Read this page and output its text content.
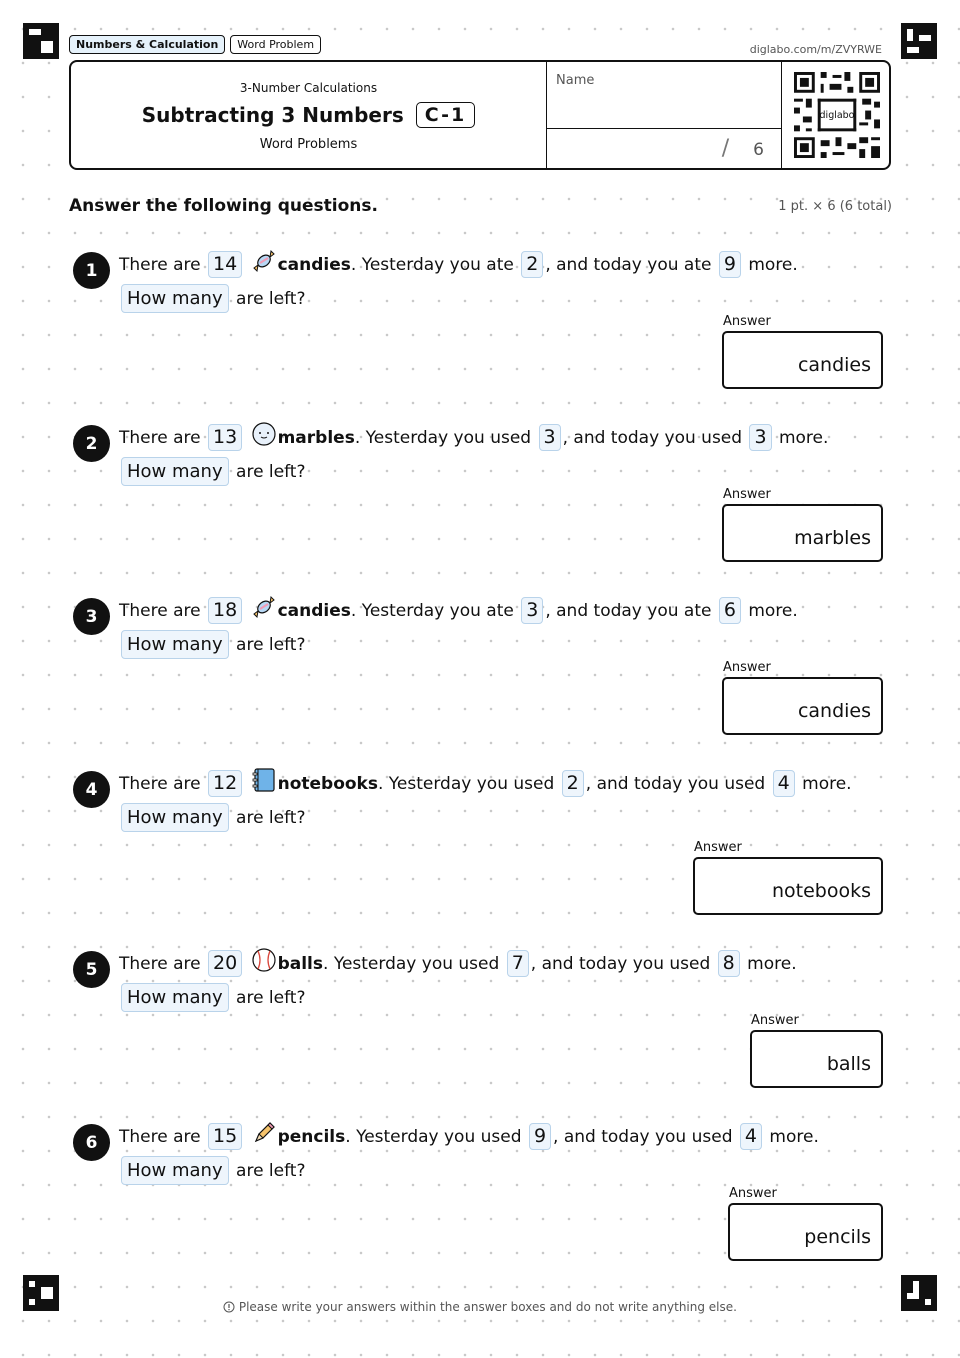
Numbers & Calculation	Word Problem	diglabo.com/m/ZVYRWE
3-Number Calculations
Subtracting 3 Numbers	C-1
Word Problems
Name
/ 6
diglabo
Answer the following questions.	1 pt. × 6 (6 total)
1	There are 14 candies. Yesterday you ate 2 , and today you ate 9 more. How many are left?
Answer
candies
2	There are 13 marbles. Yesterday you used 3 , and today you used 3 more. How many are left?
Answer
marbles
3	There are 18 candies. Yesterday you ate 3 , and today you ate 6 more. How many are left?
Answer
candies
4	There are 12 notebooks. Yesterday you used 2 , and today you used 4 more. How many are left?
Answer
notebooks
5	There are 20 balls. Yesterday you used 7 , and today you used 8 more. How many are left?
Answer
balls
6	There are 15 pencils. Yesterday you used 9 , and today you used 4 more. How many are left?
Answer
pencils
Please write your answers within the answer boxes and do not write anything else.
